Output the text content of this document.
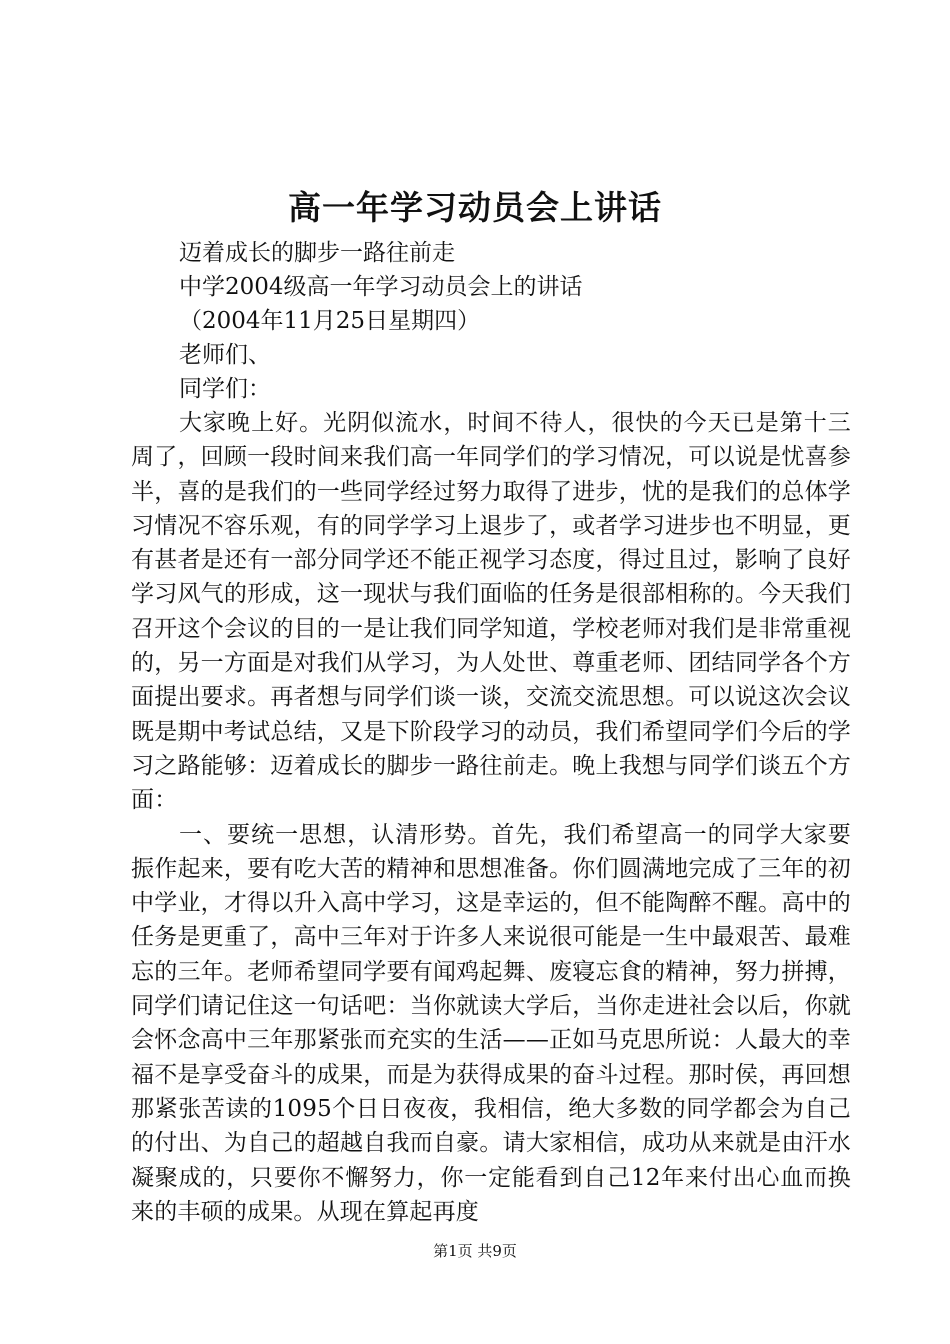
高一年学习动员会上讲话
迈着成长的脚步一路往前走
中学2004级高一年学习动员会上的讲话
（2004年11月25日星期四）
老师们、
同学们：

大家晚上好。光阴似流水，时间不待人，很快的今天已是第十三周了，回顾一段时间来我们高一年同学们的学习情况，可以说是忧喜参半，喜的是我们的一些同学经过努力取得了进步，忧的是我们的总体学习情况不容乐观，有的同学学习上退步了，或者学习进步也不明显，更有甚者是还有一部分同学还不能正视学习态度，得过且过，影响了良好学习风气的形成，这一现状与我们面临的任务是很部相称的。今天我们召开这个会议的目的一是让我们同学知道，学校老师对我们是非常重视的，另一方面是对我们从学习，为人处世、尊重老师、团结同学各个方面提出要求。再者想与同学们谈一谈，交流交流思想。可以说这次会议既是期中考试总结，又是下阶段学习的动员，我们希望同学们今后的学习之路能够：迈着成长的脚步一路往前走。晚上我想与同学们谈五个方面：

一、要统一思想，认清形势。首先，我们希望高一的同学大家要振作起来，要有吃大苦的精神和思想准备。你们圆满地完成了三年的初中学业，才得以升入高中学习，这是幸运的，但不能陶醉不醒。高中的任务是更重了，高中三年对于许多人来说很可能是一生中最艰苦、最难忘的三年。老师希望同学要有闻鸡起舞、废寝忘食的精神，努力拼搏，同学们请记住这一句话吧：当你就读大学后，当你走进社会以后，你就会怀念高中三年那紧张而充实的生活——正如马克思所说：人最大的幸福不是享受奋斗的成果，而是为获得成果的奋斗过程。那时侯，再回想那紧张苦读的1095个日日夜夜，我相信，绝大多数的同学都会为自己的付出、为自己的超越自我而自豪。请大家相信，成功从来就是由汗水凝聚成的，只要你不懈努力，你一定能看到自己12年来付出心血而换来的丰硕的成果。从现在算起再度

第1页 共9页
